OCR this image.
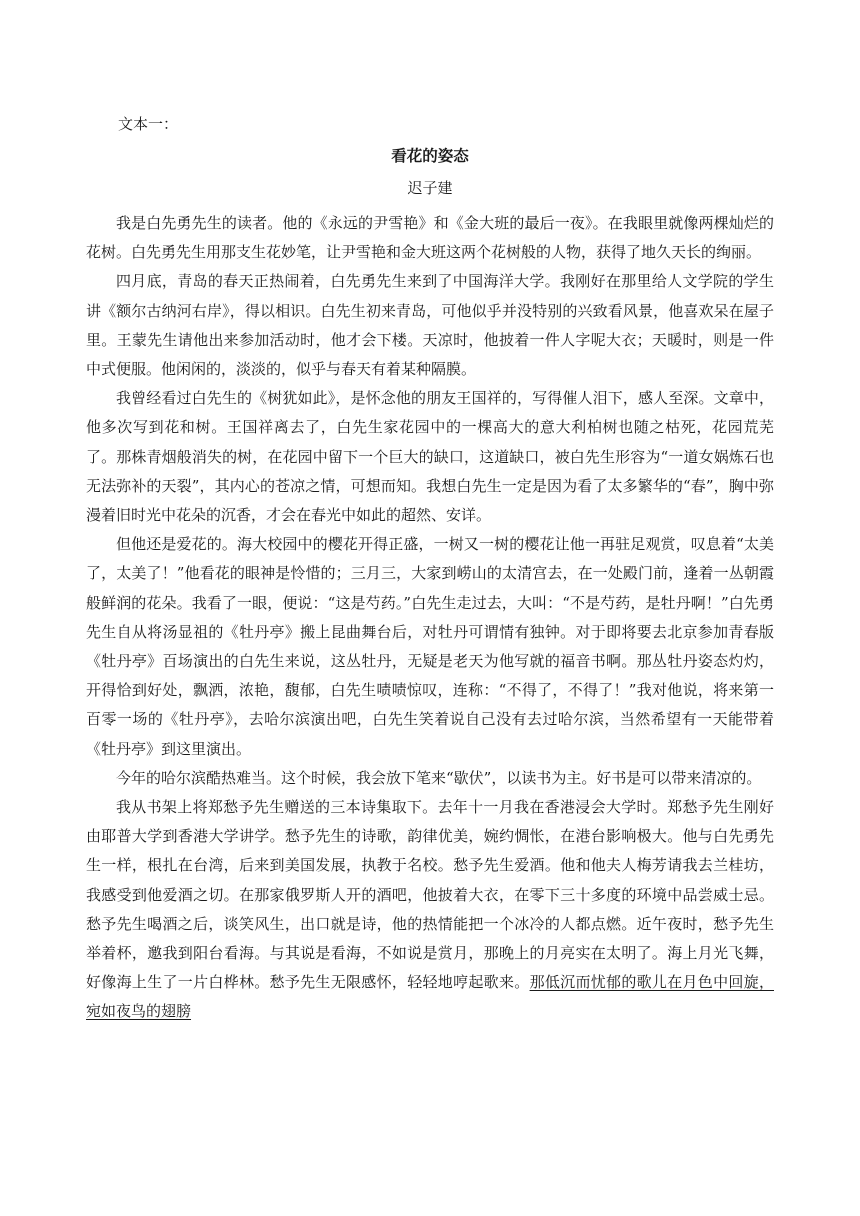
文本一：
看花的姿态
迟子建

我是白先勇先生的读者。他的《永远的尹雪艳》和《金大班的最后一夜》。在我眼里就像两棵灿烂的花树。白先勇先生用那支生花妙笔，让尹雪艳和金大班这两个花树般的人物，获得了地久天长的绚丽。

四月底，青岛的春天正热闹着，白先勇先生来到了中国海洋大学。我刚好在那里给人文学院的学生讲《额尔古纳河右岸》，得以相识。白先生初来青岛，可他似乎并没特别的兴致看风景，他喜欢呆在屋子里。王蒙先生请他出来参加活动时，他才会下楼。天凉时，他披着一件人字呢大衣；天暖时，则是一件中式便服。他闲闲的，淡淡的，似乎与春天有着某种隔膜。

我曾经看过白先生的《树犹如此》，是怀念他的朋友王国祥的，写得催人泪下，感人至深。文章中，他多次写到花和树。王国祥离去了，白先生家花园中的一棵高大的意大利柏树也随之枯死，花园荒芜了。那株青烟般消失的树，在花园中留下一个巨大的缺口，这道缺口，被白先生形容为“一道女娲炼石也无法弥补的天裂”，其内心的苍凉之情，可想而知。我想白先生一定是因为看了太多繁华的“春”，胸中弥漫着旧时光中花朵的沉香，才会在春光中如此的超然、安详。

但他还是爱花的。海大校园中的樱花开得正盛，一树又一树的樱花让他一再驻足观赏，叹息着“太美了，太美了！”他看花的眼神是怜惜的；三月三，大家到崂山的太清宫去，在一处殿门前，逢着一丛朝霞般鲜润的花朵。我看了一眼，便说：“这是芍药。”白先生走过去，大叫：“不是芍药，是牡丹啊！”白先勇先生自从将汤显祖的《牡丹亭》搬上昆曲舞台后，对牡丹可谓情有独钟。对于即将要去北京参加青春版《牡丹亭》百场演出的白先生来说，这丛牡丹，无疑是老天为他写就的福音书啊。那丛牡丹姿态灼灼，开得恰到好处，飘洒，浓艳，馥郁，白先生啧啧惊叹，连称：“不得了，不得了！”我对他说，将来第一百零一场的《牡丹亭》，去哈尔滨演出吧，白先生笑着说自己没有去过哈尔滨，当然希望有一天能带着《牡丹亭》到这里演出。

今年的哈尔滨酷热难当。这个时候，我会放下笔来“歇伏”，以读书为主。好书是可以带来清凉的。

我从书架上将郑愁予先生赠送的三本诗集取下。去年十一月我在香港浸会大学时。郑愁予先生刚好由耶普大学到香港大学讲学。愁予先生的诗歌，韵律优美，婉约惆怅，在港台影响极大。他与白先勇先生一样，根扎在台湾，后来到美国发展，执教于名校。愁予先生爱酒。他和他夫人梅芳请我去兰桂坊，我感受到他爱酒之切。在那家俄罗斯人开的酒吧，他披着大衣，在零下三十多度的环境中品尝威士忌。愁予先生喝酒之后，谈笑风生，出口就是诗，他的热情能把一个冰冷的人都点燃。近午夜时，愁予先生举着杯，邀我到阳台看海。与其说是看海，不如说是赏月，那晚上的月亮实在太明了。海上月光飞舞，好像海上生了一片白桦林。愁予先生无限感怀，轻轻地哼起歌来。那低沉而忧郁的歌儿在月色中回旋，宛如夜鸟的翅膀
